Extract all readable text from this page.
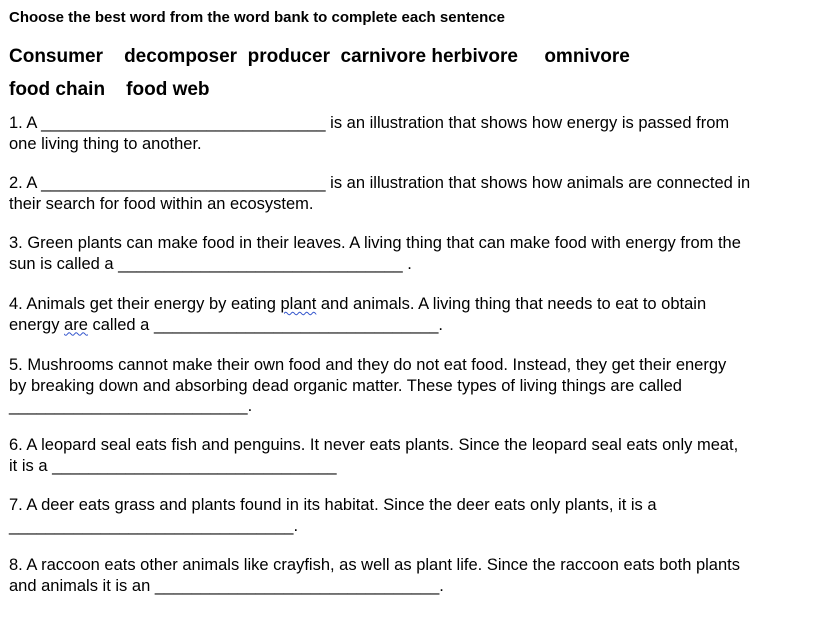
Choose the best word from the word bank to complete each sentence
Consumer    decomposer  producer  carnivore herbivore     omnivore
food chain    food web
1. A _______________________________ is an illustration that shows how energy is passed from
one living thing to another.
2. A _______________________________ is an illustration that shows how animals are connected in
their search for food within an ecosystem.
3. Green plants can make food in their leaves. A living thing that can make food with energy from the
sun is called a _______________________________ .
4. Animals get their energy by eating plant and animals. A living thing that needs to eat to obtain
energy are called a _______________________________.
5. Mushrooms cannot make their own food and they do not eat food. Instead, they get their energy
by breaking down and absorbing dead organic matter. These types of living things are called
__________________________.
6. A leopard seal eats fish and penguins. It never eats plants. Since the leopard seal eats only meat,
it is a _______________________________
7. A deer eats grass and plants found in its habitat. Since the deer eats only plants, it is a
_______________________________.
8. A raccoon eats other animals like crayfish, as well as plant life. Since the raccoon eats both plants
and animals it is an _______________________________.
